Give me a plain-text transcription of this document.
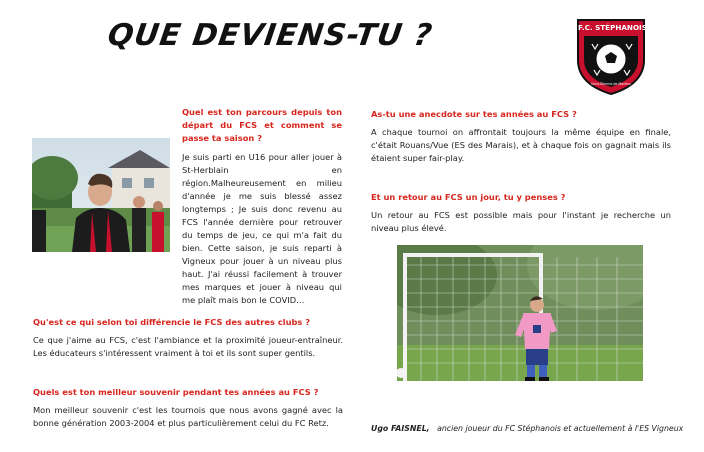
QUE DEVIENS-TU ?	F.C. STÉPHANOIS
Saint-Étienne-de-Montluc
Quel est ton parcours depuis ton départ du FCS et comment se passe ta saison ?
Je suis parti en U16 pour aller jouer à St-Herblain en région.Malheureusement en milieu d'année je me suis blessé assez longtemps ; Je suis donc revenu au FCS l'année dernière pour retrouver du temps de jeu, ce qui m'a fait du bien. Cette saison, je suis reparti à Vigneux pour jouer à un niveau plus haut. J'ai réussi facilement à trouver mes marques et jouer à niveau qui me plaît mais bon le COVID…
Qu'est ce qui selon toi différencie le FCS des autres clubs ?
Ce que j'aime au FCS, c'est l'ambiance et la proximité joueur-entraîneur. Les éducateurs s'intéressent vraiment à toi et ils sont super gentils.
Quels est ton meilleur souvenir pendant tes années au FCS ?
Mon meilleur souvenir c'est les tournois que nous avons gagné avec la bonne génération 2003-2004 et plus particulièrement celui du FC Retz.
As-tu une anecdote sur tes années au FCS ?
A chaque tournoi on affrontait toujours la même équipe en finale, c'était Rouans/Vue (ES des Marais), et à chaque fois on gagnait mais ils étaient super fair-play.
Et un retour au FCS un jour, tu y penses ?
Un retour au FCS est possible mais pour l'instant je recherche un niveau plus élevé.
Ugo FAISNEL, ancien joueur du FC Stéphanois et actuellement à l'ES Vigneux
